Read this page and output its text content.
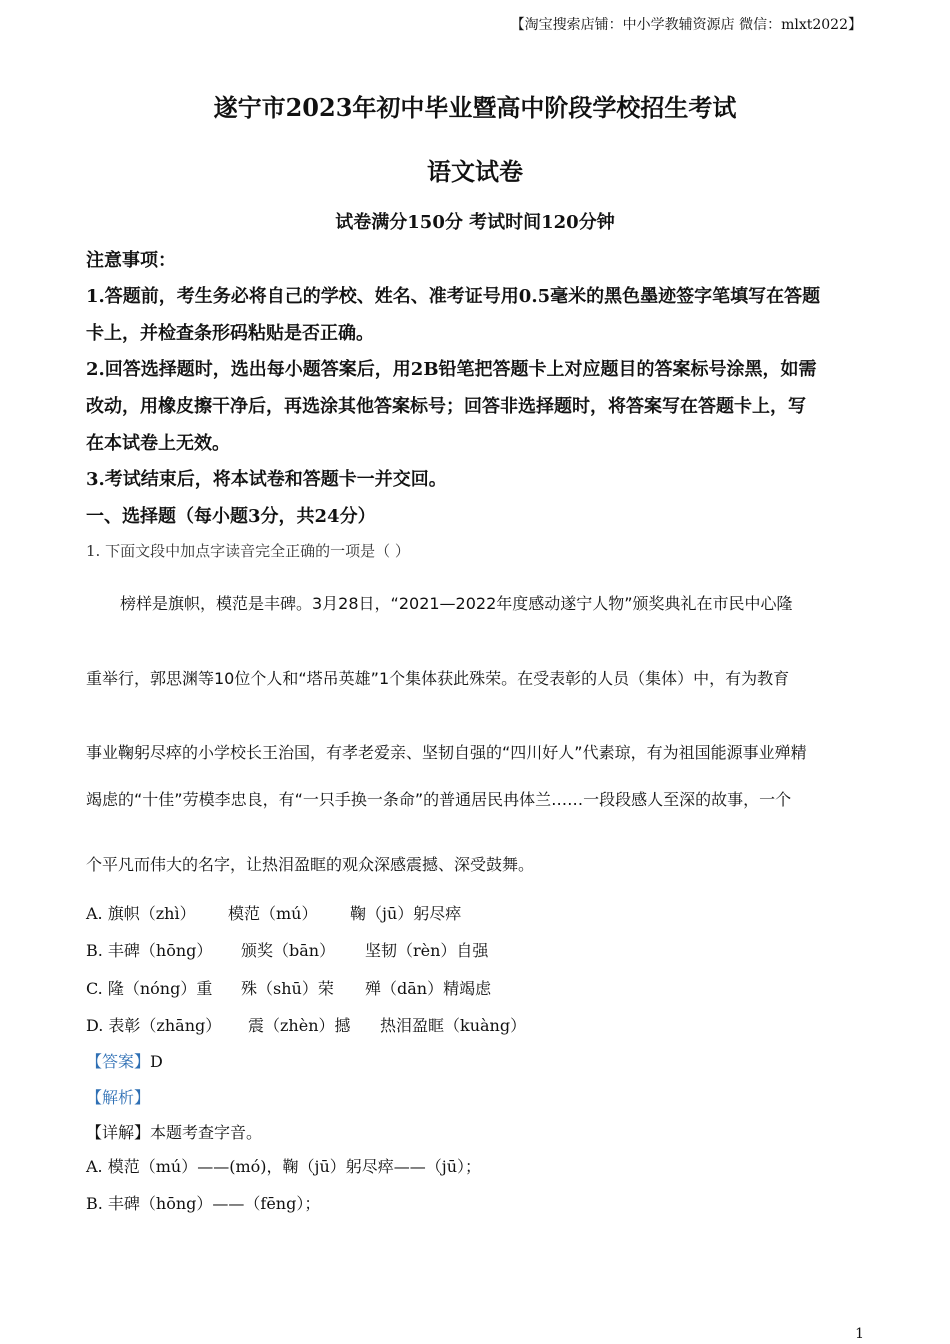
【淘宝搜索店铺：中小学教辅资源店 微信：mlxt2022】
遂宁市2023年初中毕业暨高中阶段学校招生考试
语文试卷
试卷满分150分 考试时间120分钟
注意事项：
1.答题前，考生务必将自己的学校、姓名、准考证号用0.5毫米的黑色墨迹签字笔填写在答题
卡上，并检查条形码粘贴是否正确。
2.回答选择题时，选出每小题答案后，用2B铅笔把答题卡上对应题目的答案标号涂黑，如需
改动，用橡皮擦干净后，再选涂其他答案标号；回答非选择题时，将答案写在答题卡上，写
在本试卷上无效。
3.考试结束后，将本试卷和答题卡一并交回。
一、选择题（每小题3分，共24分）
1. 下面文段中加点字读音完全正确的一项是（ ）
榜样是旗帜，模范是丰碑。3月28日，“2021—2022年度感动遂宁人物”颁奖典礼在市民中心隆
重举行，郭思渊等10位个人和“塔吊英雄”1个集体获此殊荣。在受表彰的人员（集体）中，有为教育
事业鞠躬尽瘁的小学校长王治国，有孝老爱亲、坚韧自强的“四川好人”代素琼，有为祖国能源事业殚精
竭虑的“十佳”劳模李忠良，有“一只手换一条命”的普通居民冉体兰……一段段感人至深的故事，一个
个平凡而伟大的名字，让热泪盈眶的观众深感震撼、深受鼓舞。
A. 旗帜（zhì） 模范（mú） 鞠（jū）躬尽瘁
B. 丰碑（hōng） 颁奖（bān） 坚韧（rèn）自强
C. 隆（nóng）重 殊（shū）荣 殚（dān）精竭虑
D. 表彰（zhāng） 震（zhèn）撼 热泪盈眶（kuàng）
【答案】D
【解析】
【详解】本题考查字音。
A. 模范（mú）——(mó)，鞠（jū）躬尽瘁——（jū）；
B. 丰碑（hōng）——（fēng）；
1
